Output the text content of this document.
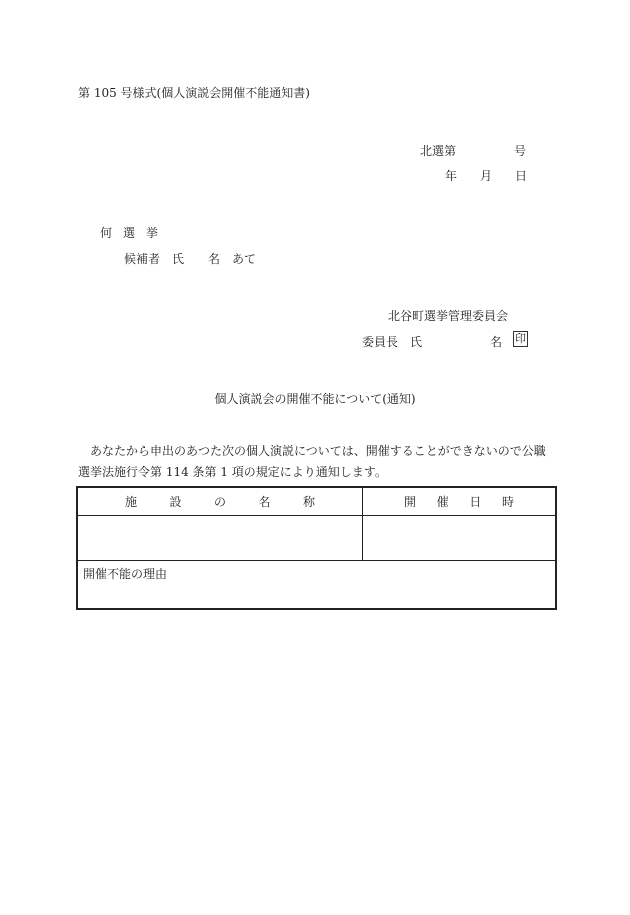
第 105 号様式(個人演説会開催不能通知書)
北選第	号
年 月 日
何選挙
候補者 氏 名 あて
北谷町選挙管理委員会
委員長　氏	名 印
個人演説会の開催不能について(通知)
あなたから申出のあつた次の個人演説については、開催することができないので公職選挙法施行令第 114 条第 1 項の規定により通知します。
施 設 の 名 称	開 催 日 時

開催不能の理由	
